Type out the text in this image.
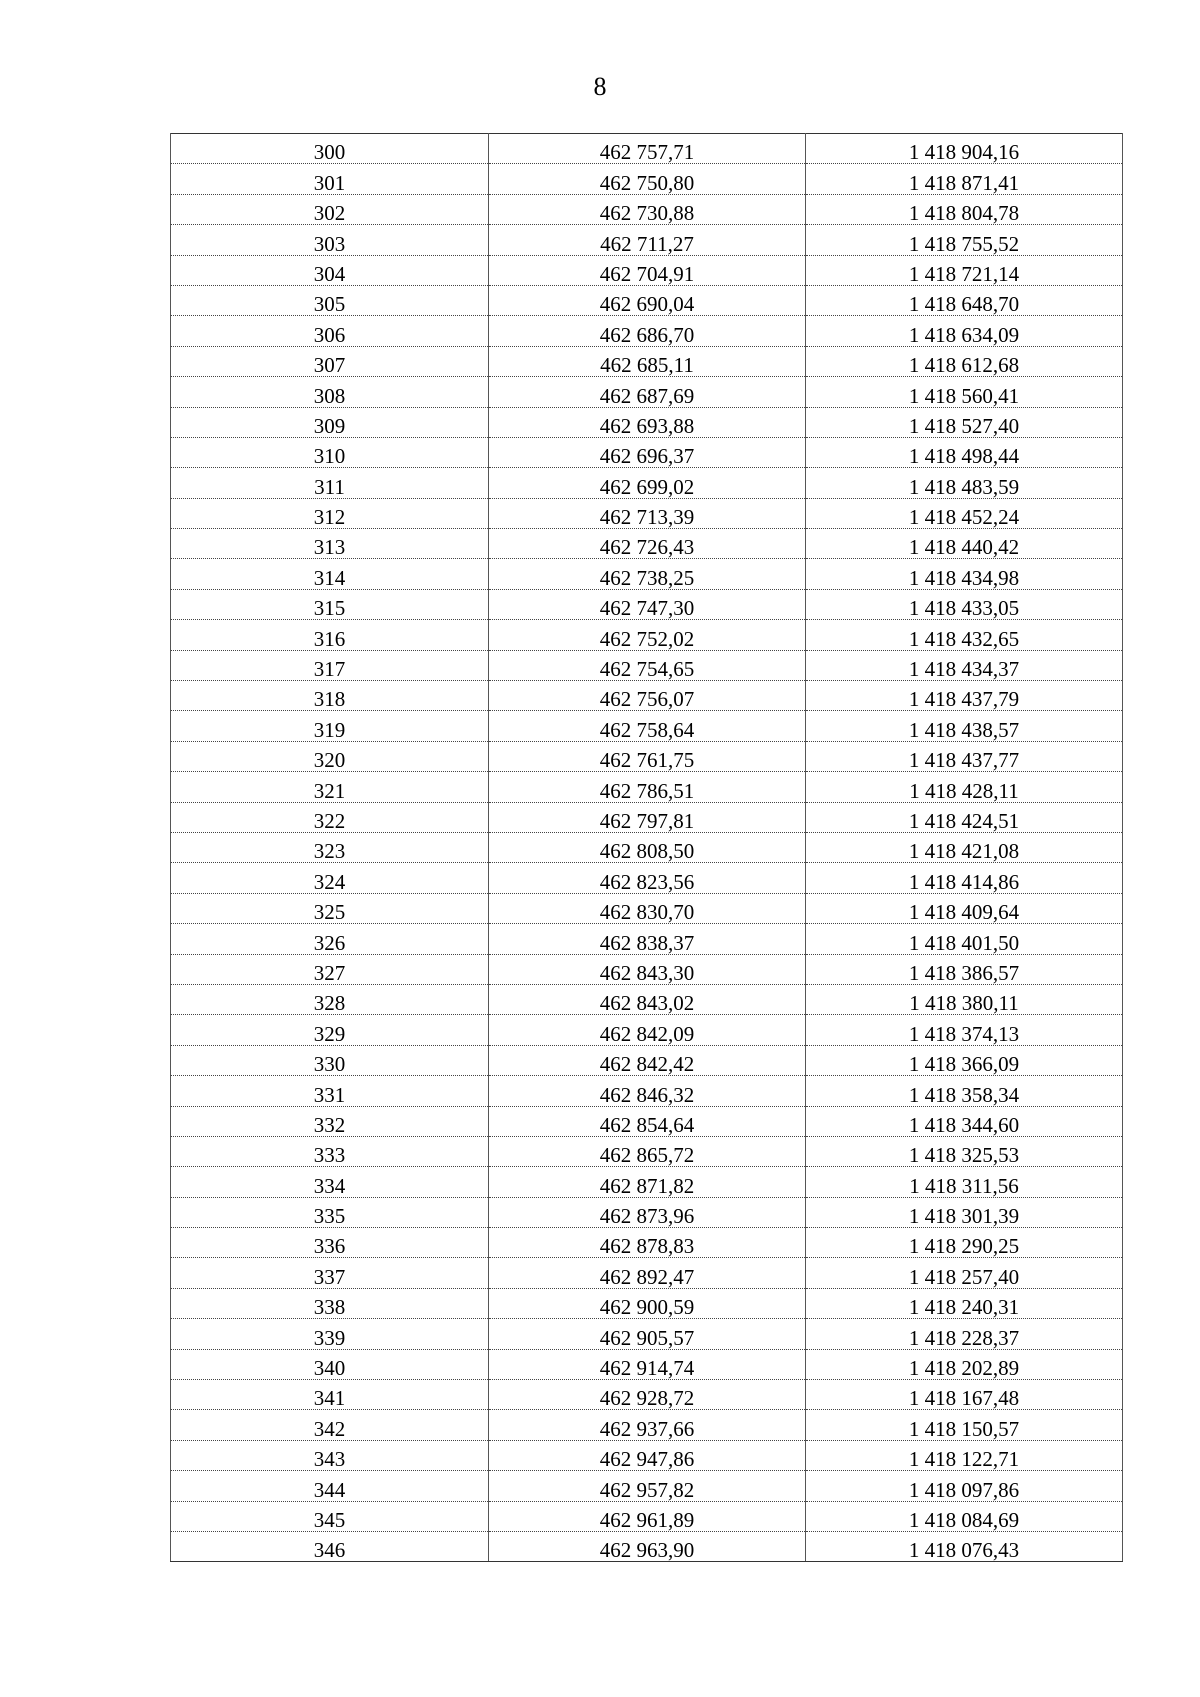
8
300	462 757,71	1 418 904,16
301	462 750,80	1 418 871,41
302	462 730,88	1 418 804,78
303	462 711,27	1 418 755,52
304	462 704,91	1 418 721,14
305	462 690,04	1 418 648,70
306	462 686,70	1 418 634,09
307	462 685,11	1 418 612,68
308	462 687,69	1 418 560,41
309	462 693,88	1 418 527,40
310	462 696,37	1 418 498,44
311	462 699,02	1 418 483,59
312	462 713,39	1 418 452,24
313	462 726,43	1 418 440,42
314	462 738,25	1 418 434,98
315	462 747,30	1 418 433,05
316	462 752,02	1 418 432,65
317	462 754,65	1 418 434,37
318	462 756,07	1 418 437,79
319	462 758,64	1 418 438,57
320	462 761,75	1 418 437,77
321	462 786,51	1 418 428,11
322	462 797,81	1 418 424,51
323	462 808,50	1 418 421,08
324	462 823,56	1 418 414,86
325	462 830,70	1 418 409,64
326	462 838,37	1 418 401,50
327	462 843,30	1 418 386,57
328	462 843,02	1 418 380,11
329	462 842,09	1 418 374,13
330	462 842,42	1 418 366,09
331	462 846,32	1 418 358,34
332	462 854,64	1 418 344,60
333	462 865,72	1 418 325,53
334	462 871,82	1 418 311,56
335	462 873,96	1 418 301,39
336	462 878,83	1 418 290,25
337	462 892,47	1 418 257,40
338	462 900,59	1 418 240,31
339	462 905,57	1 418 228,37
340	462 914,74	1 418 202,89
341	462 928,72	1 418 167,48
342	462 937,66	1 418 150,57
343	462 947,86	1 418 122,71
344	462 957,82	1 418 097,86
345	462 961,89	1 418 084,69
346	462 963,90	1 418 076,43
